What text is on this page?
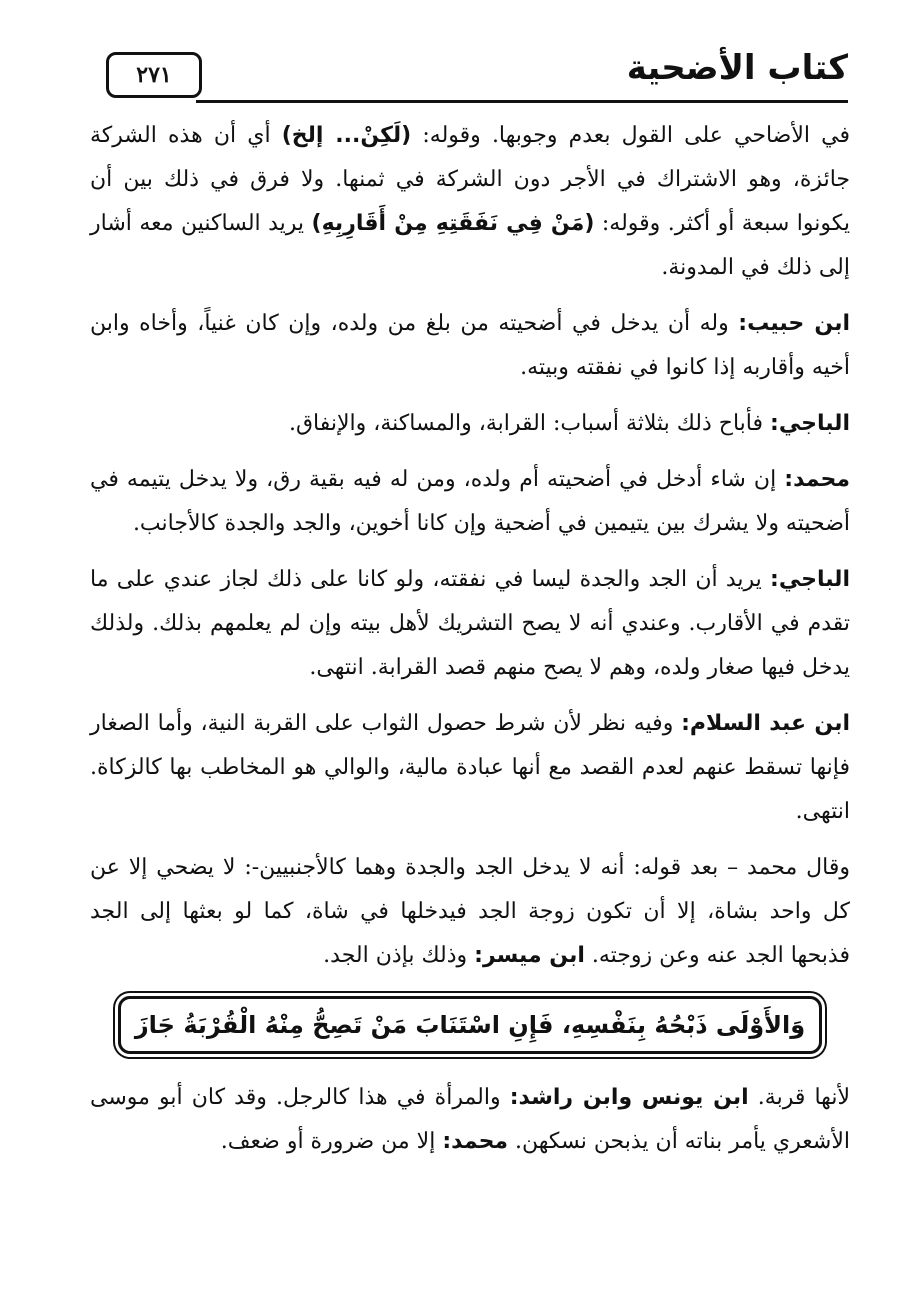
٢٧١	كتاب الأضحية

في الأضاحي على القول بعدم وجوبها. وقوله: (لَكِنْ... إلخ) أي أن هذه الشركة جائزة، وهو الاشتراك في الأجر دون الشركة في ثمنها. ولا فرق في ذلك بين أن يكونوا سبعة أو أكثر. وقوله: (مَنْ فِي نَفَقَتِهِ مِنْ أَقَارِبِهِ) يريد الساكنين معه أشار إلى ذلك في المدونة.

ابن حبيب: وله أن يدخل في أضحيته من بلغ من ولده، وإن كان غنياً، وأخاه وابن أخيه وأقاربه إذا كانوا في نفقته وبيته.

الباجي: فأباح ذلك بثلاثة أسباب: القرابة، والمساكنة، والإنفاق.

محمد: إن شاء أدخل في أضحيته أم ولده، ومن له فيه بقية رق، ولا يدخل يتيمه في أضحيته ولا يشرك بين يتيمين في أضحية وإن كانا أخوين، والجد والجدة كالأجانب.

الباجي: يريد أن الجد والجدة ليسا في نفقته، ولو كانا على ذلك لجاز عندي على ما تقدم في الأقارب. وعندي أنه لا يصح التشريك لأهل بيته وإن لم يعلمهم بذلك. ولذلك يدخل فيها صغار ولده، وهم لا يصح منهم قصد القرابة. انتهى.

ابن عبد السلام: وفيه نظر لأن شرط حصول الثواب على القربة النية، وأما الصغار فإنها تسقط عنهم لعدم القصد مع أنها عبادة مالية، والوالي هو المخاطب بها كالزكاة. انتهى.

وقال محمد – بعد قوله: أنه لا يدخل الجد والجدة وهما كالأجنبيين-: لا يضحي إلا عن كل واحد بشاة، إلا أن تكون زوجة الجد فيدخلها في شاة، كما لو بعثها إلى الجد فذبحها الجد عنه وعن زوجته. ابن ميسر: وذلك بإذن الجد.

وَالأَوْلَى ذَبْحُهُ بِنَفْسِهِ، فَإِنِ اسْتَنَابَ مَنْ تَصِحُّ مِنْهُ الْقُرْبَةُ جَازَ

لأنها قربة. ابن يونس وابن راشد: والمرأة في هذا كالرجل. وقد كان أبو موسى الأشعري يأمر بناته أن يذبحن نسكهن. محمد: إلا من ضرورة أو ضعف.
